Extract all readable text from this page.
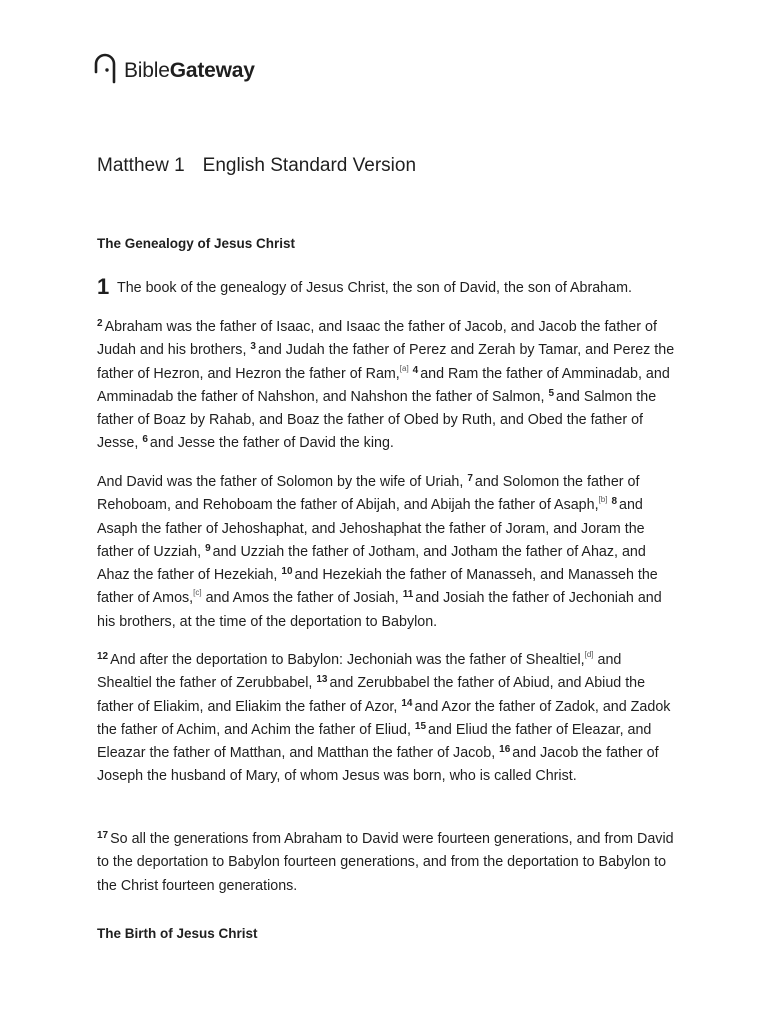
BibleGateway
Matthew 1 English Standard Version
The Genealogy of Jesus Christ
1 The book of the genealogy of Jesus Christ, the son of David, the son of Abraham.
$^2$ Abraham was the father of Isaac, and Isaac the father of Jacob, and Jacob the father of Judah and his brothers, $^3$ and Judah the father of Perez and Zerah by Tamar, and Perez the father of Hezron, and Hezron the father of Ram,[a] $^4$ and Ram the father of Amminadab, and Amminadab the father of Nahshon, and Nahshon the father of Salmon, $^5$ and Salmon the father of Boaz by Rahab, and Boaz the father of Obed by Ruth, and Obed the father of Jesse, $^6$ and Jesse the father of David the king.
And David was the father of Solomon by the wife of Uriah, $^7$ and Solomon the father of Rehoboam, and Rehoboam the father of Abijah, and Abijah the father of Asaph,[b] $^8$ and Asaph the father of Jehoshaphat, and Jehoshaphat the father of Joram, and Joram the father of Uzziah, $^9$ and Uzziah the father of Jotham, and Jotham the father of Ahaz, and Ahaz the father of Hezekiah, $^{10}$ and Hezekiah the father of Manasseh, and Manasseh the father of Amos,[c] and Amos the father of Josiah, $^{11}$ and Josiah the father of Jechoniah and his brothers, at the time of the deportation to Babylon.
$^{12}$ And after the deportation to Babylon: Jechoniah was the father of Shealtiel,[d] and Shealtiel the father of Zerubbabel, $^{13}$ and Zerubbabel the father of Abiud, and Abiud the father of Eliakim, and Eliakim the father of Azor, $^{14}$ and Azor the father of Zadok, and Zadok the father of Achim, and Achim the father of Eliud, $^{15}$ and Eliud the father of Eleazar, and Eleazar the father of Matthan, and Matthan the father of Jacob, $^{16}$ and Jacob the father of Joseph the husband of Mary, of whom Jesus was born, who is called Christ.
$^{17}$ So all the generations from Abraham to David were fourteen generations, and from David to the deportation to Babylon fourteen generations, and from the deportation to Babylon to the Christ fourteen generations.
The Birth of Jesus Christ
